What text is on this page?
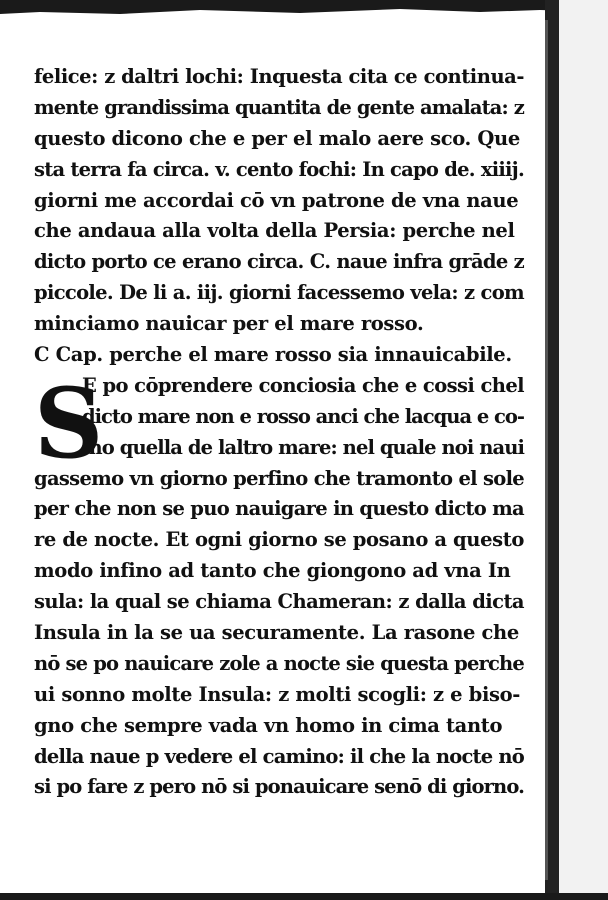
felice: z daltri lochi: Inquesta cita ce continua-
mente grandissima quantita de gente amalata: z
questo dicono che e per el malo aere sco. Que
sta terra fa circa. v. cento fochi: In capo de. xiiij.
giorni me accordai cō vn patrone de vna naue
che andaua alla volta della Persia: perche nel
dicto porto ce erano circa. C. naue infra grāde z
piccole. De li a. iij. giorni facessemo vela: z com
minciamo nauicar per el mare rosso.
C Cap. perche el mare rosso sia innauicabile.
E po cōprendere conciosia che e cossi chel
dicto mare non e rosso anci che lacqua e co-
mo quella de laltro mare: nel quale noi naui
gassemo vn giorno perfino che tramonto el sole
per che non se puo nauigare in questo dicto ma
re de nocte. Et ogni giorno se posano a questo
modo infino ad tanto che giongono ad vna In
sula: la qual se chiama Chameran: z dalla dicta
Insula in la se ua securamente. La rasone che
nō se po nauicare zole a nocte sie questa perche
ui sonno molte Insula: z molti scogli: z e biso-
gno che sempre vada vn homo in cima tanto
della naue p vedere el camino: il che la nocte nō
si po fare z pero nō si ponauicare senō di giorno.
S
